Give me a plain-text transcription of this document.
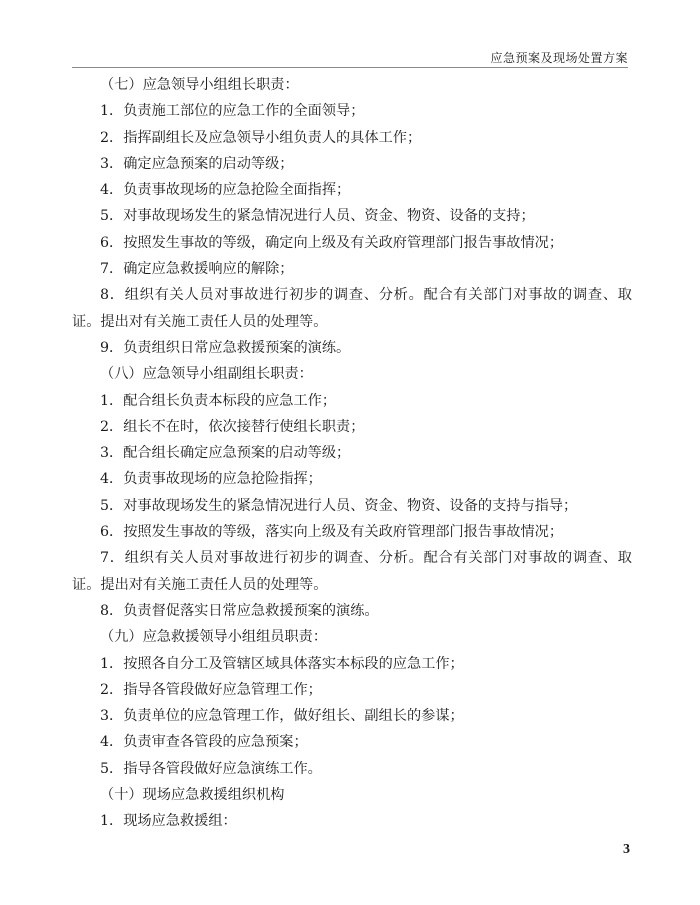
应急预案及现场处置方案

（七）应急领导小组组长职责：

1．负责施工部位的应急工作的全面领导；

2．指挥副组长及应急领导小组负责人的具体工作；

3．确定应急预案的启动等级；

4．负责事故现场的应急抢险全面指挥；

5．对事故现场发生的紧急情况进行人员、资金、物资、设备的支持；

6．按照发生事故的等级，确定向上级及有关政府管理部门报告事故情况；

7．确定应急救援响应的解除；

8．组织有关人员对事故进行初步的调查、分析。配合有关部门对事故的调查、取证。提出对有关施工责任人员的处理等。

9．负责组织日常应急救援预案的演练。

（八）应急领导小组副组长职责：

1．配合组长负责本标段的应急工作；

2．组长不在时，依次接替行使组长职责；

3．配合组长确定应急预案的启动等级；

4．负责事故现场的应急抢险指挥；

5．对事故现场发生的紧急情况进行人员、资金、物资、设备的支持与指导；

6．按照发生事故的等级，落实向上级及有关政府管理部门报告事故情况；

7．组织有关人员对事故进行初步的调查、分析。配合有关部门对事故的调查、取证。提出对有关施工责任人员的处理等。

8．负责督促落实日常应急救援预案的演练。

（九）应急救援领导小组组员职责：

1．按照各自分工及管辖区域具体落实本标段的应急工作；

2．指导各管段做好应急管理工作；

3．负责单位的应急管理工作，做好组长、副组长的参谋；

4．负责审查各管段的应急预案；

5．指导各管段做好应急演练工作。

（十）现场应急救援组织机构

1．现场应急救援组：

3
